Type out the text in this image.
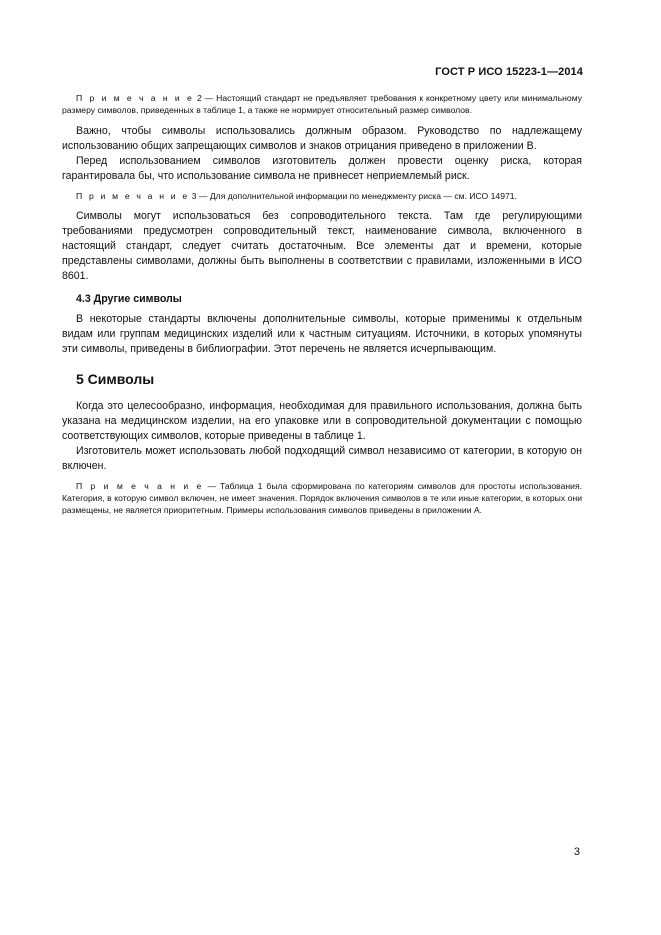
ГОСТ Р ИСО 15223-1—2014

П р и м е ч а н и е 2 — Настоящий стандарт не предъявляет требования к конкретному цвету или минимальному размеру символов, приведенных в таблице 1, а также не нормирует относительный размер символов.

Важно, чтобы символы использовались должным образом. Руководство по надлежащему использованию общих запрещающих символов и знаков отрицания приведено в приложении В.

Перед использованием символов изготовитель должен провести оценку риска, которая гарантировала бы, что использование символа не привнесет неприемлемый риск.

П р и м е ч а н и е 3 — Для дополнительной информации по менеджменту риска — см. ИСО 14971.

Символы могут использоваться без сопроводительного текста. Там где регулирующими требованиями предусмотрен сопроводительный текст, наименование символа, включенного в настоящий стандарт, следует считать достаточным. Все элементы дат и времени, которые представлены символами, должны быть выполнены в соответствии с правилами, изложенными в ИСО 8601.

4.3 Другие символы

В некоторые стандарты включены дополнительные символы, которые применимы к отдельным видам или группам медицинских изделий или к частным ситуациям. Источники, в которых упомянуты эти символы, приведены в библиографии. Этот перечень не является исчерпывающим.

5 Символы

Когда это целесообразно, информация, необходимая для правильного использования, должна быть указана на медицинском изделии, на его упаковке или в сопроводительной документации с помощью соответствующих символов, которые приведены в таблице 1.

Изготовитель может использовать любой подходящий символ независимо от категории, в которую он включен.

П р и м е ч а н и е — Таблица 1 была сформирована по категориям символов для простоты использования. Категория, в которую символ включен, не имеет значения. Порядок включения символов в те или иные категории, в которых они размещены, не является приоритетным. Примеры использования символов приведены в приложении А.

3
